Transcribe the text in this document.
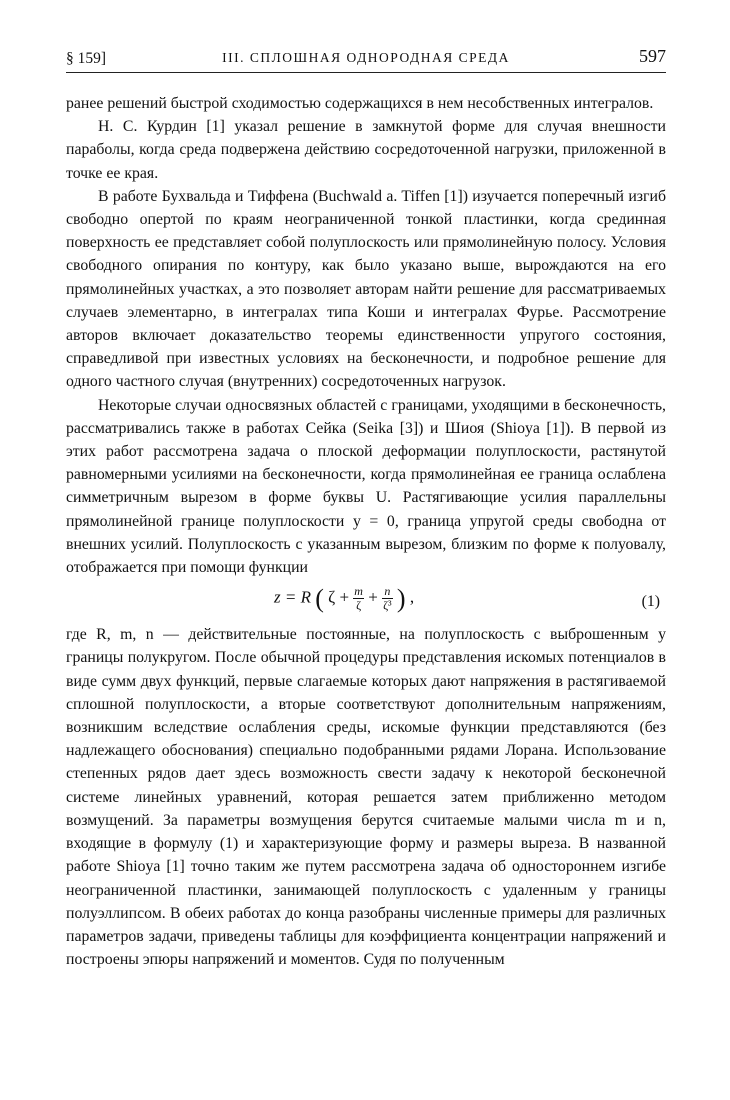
§ 159]	III. СПЛОШНАЯ ОДНОРОДНАЯ СРЕДА	597

ранее решений быстрой сходимостью содержащихся в нем несобственных интегралов.

Н. С. Курдин [1] указал решение в замкнутой форме для случая внешности параболы, когда среда подвержена действию сосредоточенной нагрузки, приложенной в точке ее края.

В работе Бухвальда и Тиффена (Buchwald a. Tiffen [1]) изучается поперечный изгиб свободно опертой по краям неограниченной тонкой пластинки, когда срединная поверхность ее представляет собой полуплоскость или прямолинейную полосу. Условия свободного опирания по контуру, как было указано выше, вырождаются на его прямолинейных участках, а это позволяет авторам найти решение для рассматриваемых случаев элементарно, в интегралах типа Коши и интегралах Фурье. Рассмотрение авторов включает доказательство теоремы единственности упругого состояния, справедливой при известных условиях на бесконечности, и подробное решение для одного частного случая (внутренних) сосредоточенных нагрузок.

Некоторые случаи односвязных областей с границами, уходящими в бесконечность, рассматривались также в работах Сейка (Seika [3]) и Шиоя (Shioya [1]). В первой из этих работ рассмотрена задача о плоской деформации полуплоскости, растянутой равномерными усилиями на бесконечности, когда прямолинейная ее граница ослаблена симметричным вырезом в форме буквы U. Растягивающие усилия параллельны прямолинейной границе полуплоскости y = 0, граница упругой среды свободна от внешних усилий. Полуплоскость с указанным вырезом, близким по форме к полуовалу, отображается при помощи функции

z = R ( $\zeta + \frac{m}{\zeta} + \frac{n}{\text{ζ³}}$ ) ,	(1)

где R, m, n — действительные постоянные, на полуплоскость с выброшенным у границы полукругом. После обычной процедуры представления искомых потенциалов в виде сумм двух функций, первые слагаемые которых дают напряжения в растягиваемой сплошной полуплоскости, а вторые соответствуют дополнительным напряжениям, возникшим вследствие ослабления среды, искомые функции представляются (без надлежащего обоснования) специально подобранными рядами Лорана. Использование степенных рядов дает здесь возможность свести задачу к некоторой бесконечной системе линейных уравнений, которая решается затем приближенно методом возмущений. За параметры возмущения берутся считаемые малыми числа m и n, входящие в формулу (1) и характеризующие форму и размеры выреза. В названной работе Shioya [1] точно таким же путем рассмотрена задача об одностороннем изгибе неограниченной пластинки, занимающей полуплоскость с удаленным у границы полуэллипсом. В обеих работах до конца разобраны численные примеры для различных параметров задачи, приведены таблицы для коэффициента концентрации напряжений и построены эпюры напряжений и моментов. Судя по полученным
